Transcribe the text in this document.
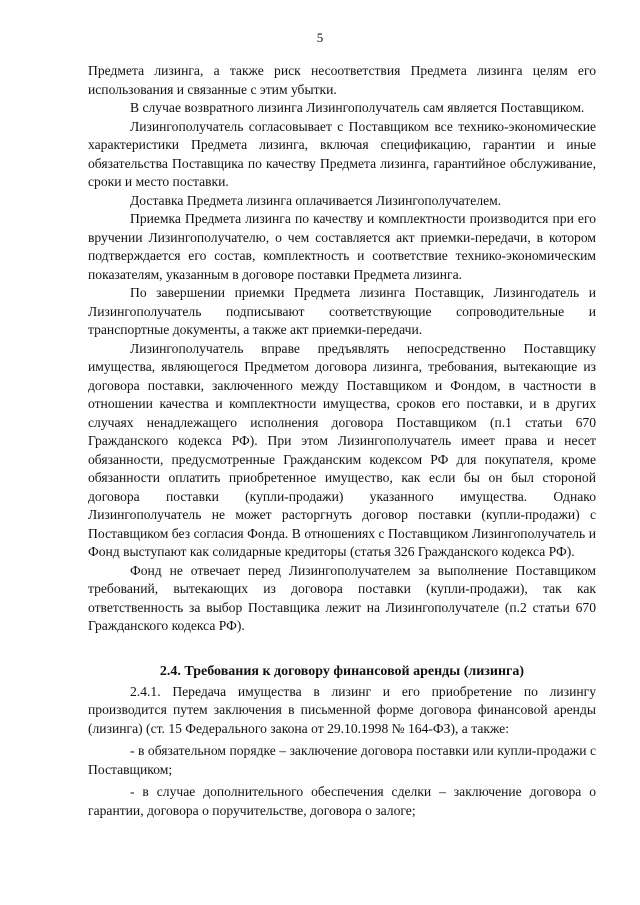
5

Предмета лизинга, а также риск несоответствия Предмета лизинга целям его использования и связанные с этим убытки.

В случае возвратного лизинга Лизингополучатель сам является Поставщиком.

Лизингополучатель согласовывает с Поставщиком все технико-экономические характеристики Предмета лизинга, включая спецификацию, гарантии и иные обязательства Поставщика по качеству Предмета лизинга, гарантийное обслуживание, сроки и место поставки.

Доставка Предмета лизинга оплачивается Лизингополучателем.

Приемка Предмета лизинга по качеству и комплектности производится при его вручении Лизингополучателю, о чем составляется акт приемки-передачи, в котором подтверждается его состав, комплектность и соответствие технико-экономическим показателям, указанным в договоре поставки Предмета лизинга.

По завершении приемки Предмета лизинга Поставщик, Лизингодатель и Лизингополучатель подписывают соответствующие сопроводительные и транспортные документы, а также акт приемки-передачи.

Лизингополучатель вправе предъявлять непосредственно Поставщику имущества, являющегося Предметом договора лизинга, требования, вытекающие из договора поставки, заключенного между Поставщиком и Фондом, в частности в отношении качества и комплектности имущества, сроков его поставки, и в других случаях ненадлежащего исполнения договора Поставщиком (п.1 статьи 670 Гражданского кодекса РФ). При этом Лизингополучатель имеет права и несет обязанности, предусмотренные Гражданским кодексом РФ для покупателя, кроме обязанности оплатить приобретенное имущество, как если бы он был стороной договора поставки (купли-продажи) указанного имущества. Однако Лизингополучатель не может расторгнуть договор поставки (купли-продажи) с Поставщиком без согласия Фонда. В отношениях с Поставщиком Лизингополучатель и Фонд выступают как солидарные кредиторы (статья 326 Гражданского кодекса РФ).

Фонд не отвечает перед Лизингополучателем за выполнение Поставщиком требований, вытекающих из договора поставки (купли-продажи), так как ответственность за выбор Поставщика лежит на Лизингополучателе (п.2 статьи 670 Гражданского кодекса РФ).

2.4. Требования к договору финансовой аренды (лизинга)

2.4.1. Передача имущества в лизинг и его приобретение по лизингу производится путем заключения в письменной форме договора финансовой аренды (лизинга) (ст. 15 Федерального закона от 29.10.1998 № 164-ФЗ), а также:

- в обязательном порядке – заключение договора поставки или купли-продажи с Поставщиком;

- в случае дополнительного обеспечения сделки – заключение договора о гарантии, договора о поручительстве, договора о залоге;
